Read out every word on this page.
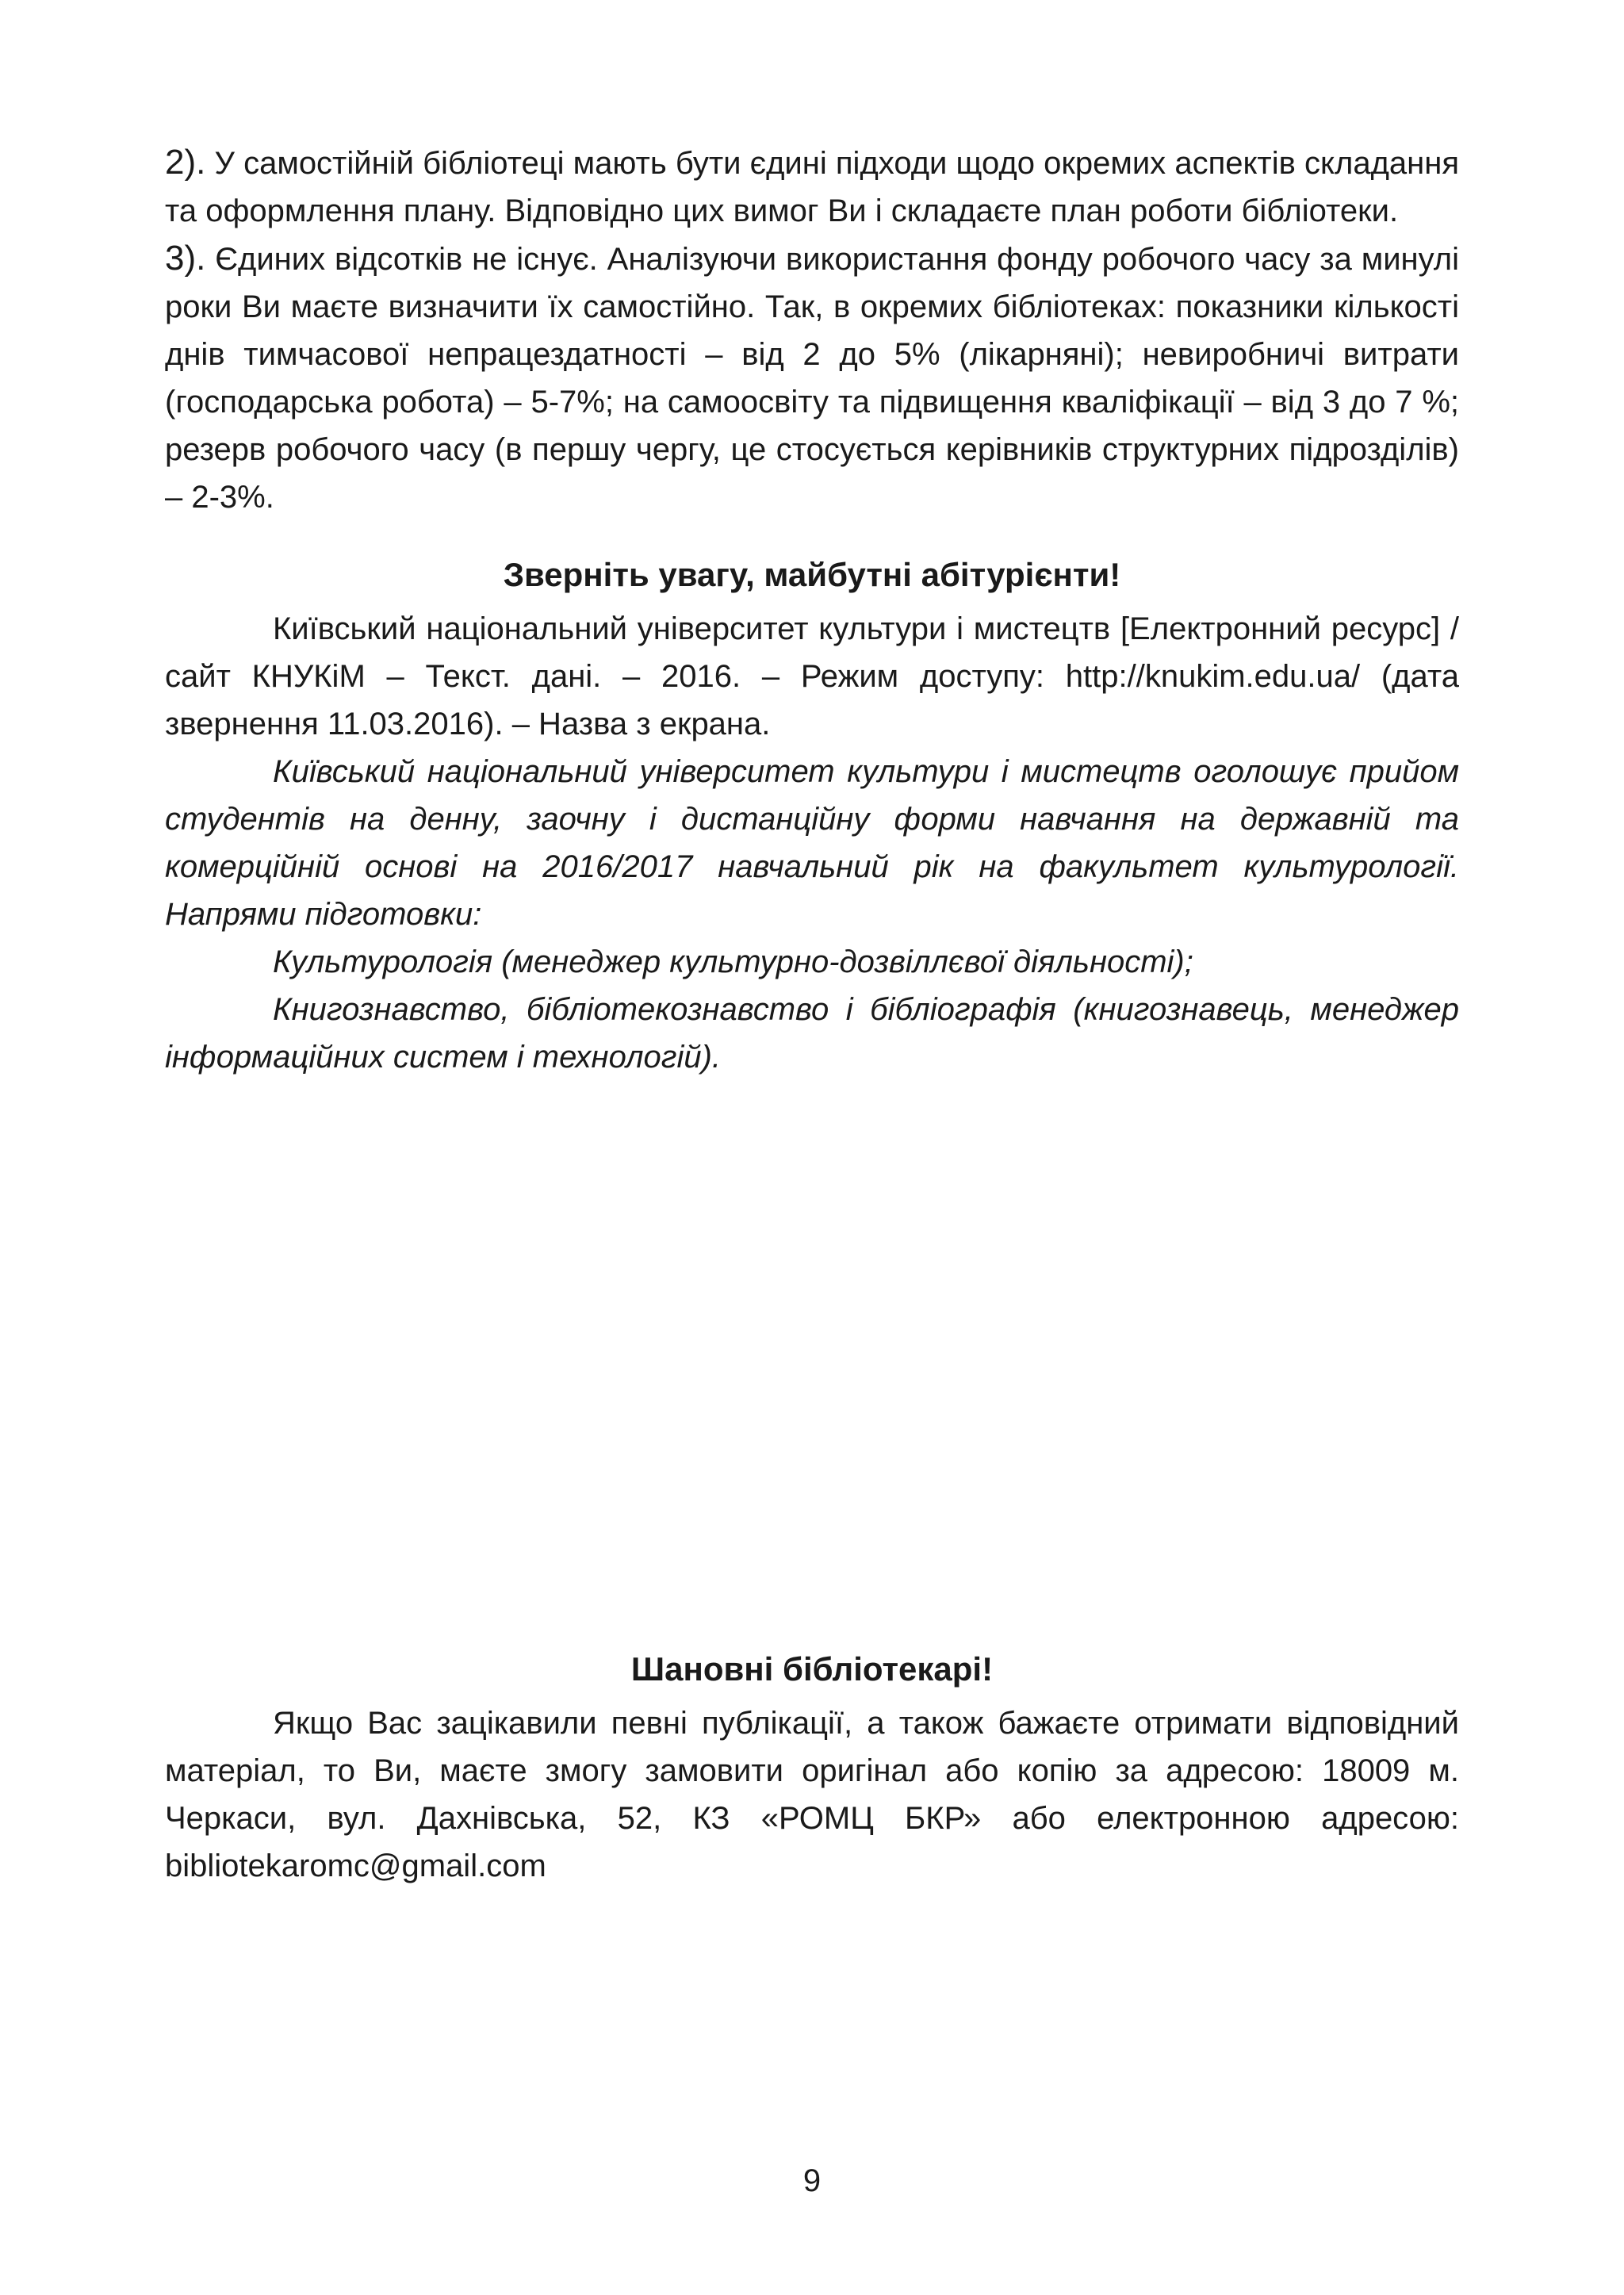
2). У самостійній бібліотеці мають бути єдині підходи щодо окремих аспектів складання та оформлення плану. Відповідно цих вимог Ви і складаєте план роботи бібліотеки.

3). Єдиних відсотків не існує. Аналізуючи використання фонду робочого часу за минулі роки Ви маєте визначити їх самостійно. Так, в окремих бібліотеках: показники кількості днів тимчасової непрацездатності – від 2 до 5% (лікарняні); невиробничі витрати (господарська робота) – 5-7%; на самоосвіту та підвищення кваліфікації – від 3 до 7 %; резерв робочого часу (в першу чергу, це стосується керівників структурних підрозділів) – 2-3%.

Зверніть увагу, майбутні абітурієнти!

Київський національний університет культури і мистецтв [Електронний ресурс] / сайт КНУКіМ – Текст. дані. – 2016. – Режим доступу: http://knukim.edu.ua/ (дата звернення 11.03.2016). – Назва з екрана.

Київський національний університет культури і мистецтв оголошує прийом студентів на денну, заочну і дистанційну форми навчання на державній та комерційній основі на 2016/2017 навчальний рік на факультет культурології. Напрями підготовки:

Культурологія (менеджер культурно-дозвіллєвої діяльності);

Книгознавство, бібліотекознавство і бібліографія (книгознавець, менеджер інформаційних систем і технологій).

Шановні бібліотекарі!

Якщо Вас зацікавили певні публікації, а також бажаєте отримати відповідний матеріал, то Ви, маєте змогу замовити оригінал або копію за адресою: 18009 м. Черкаси, вул. Дахнівська, 52, КЗ «РОМЦ БКР» або електронною адресою: bibliotekaromc@gmail.com

9
